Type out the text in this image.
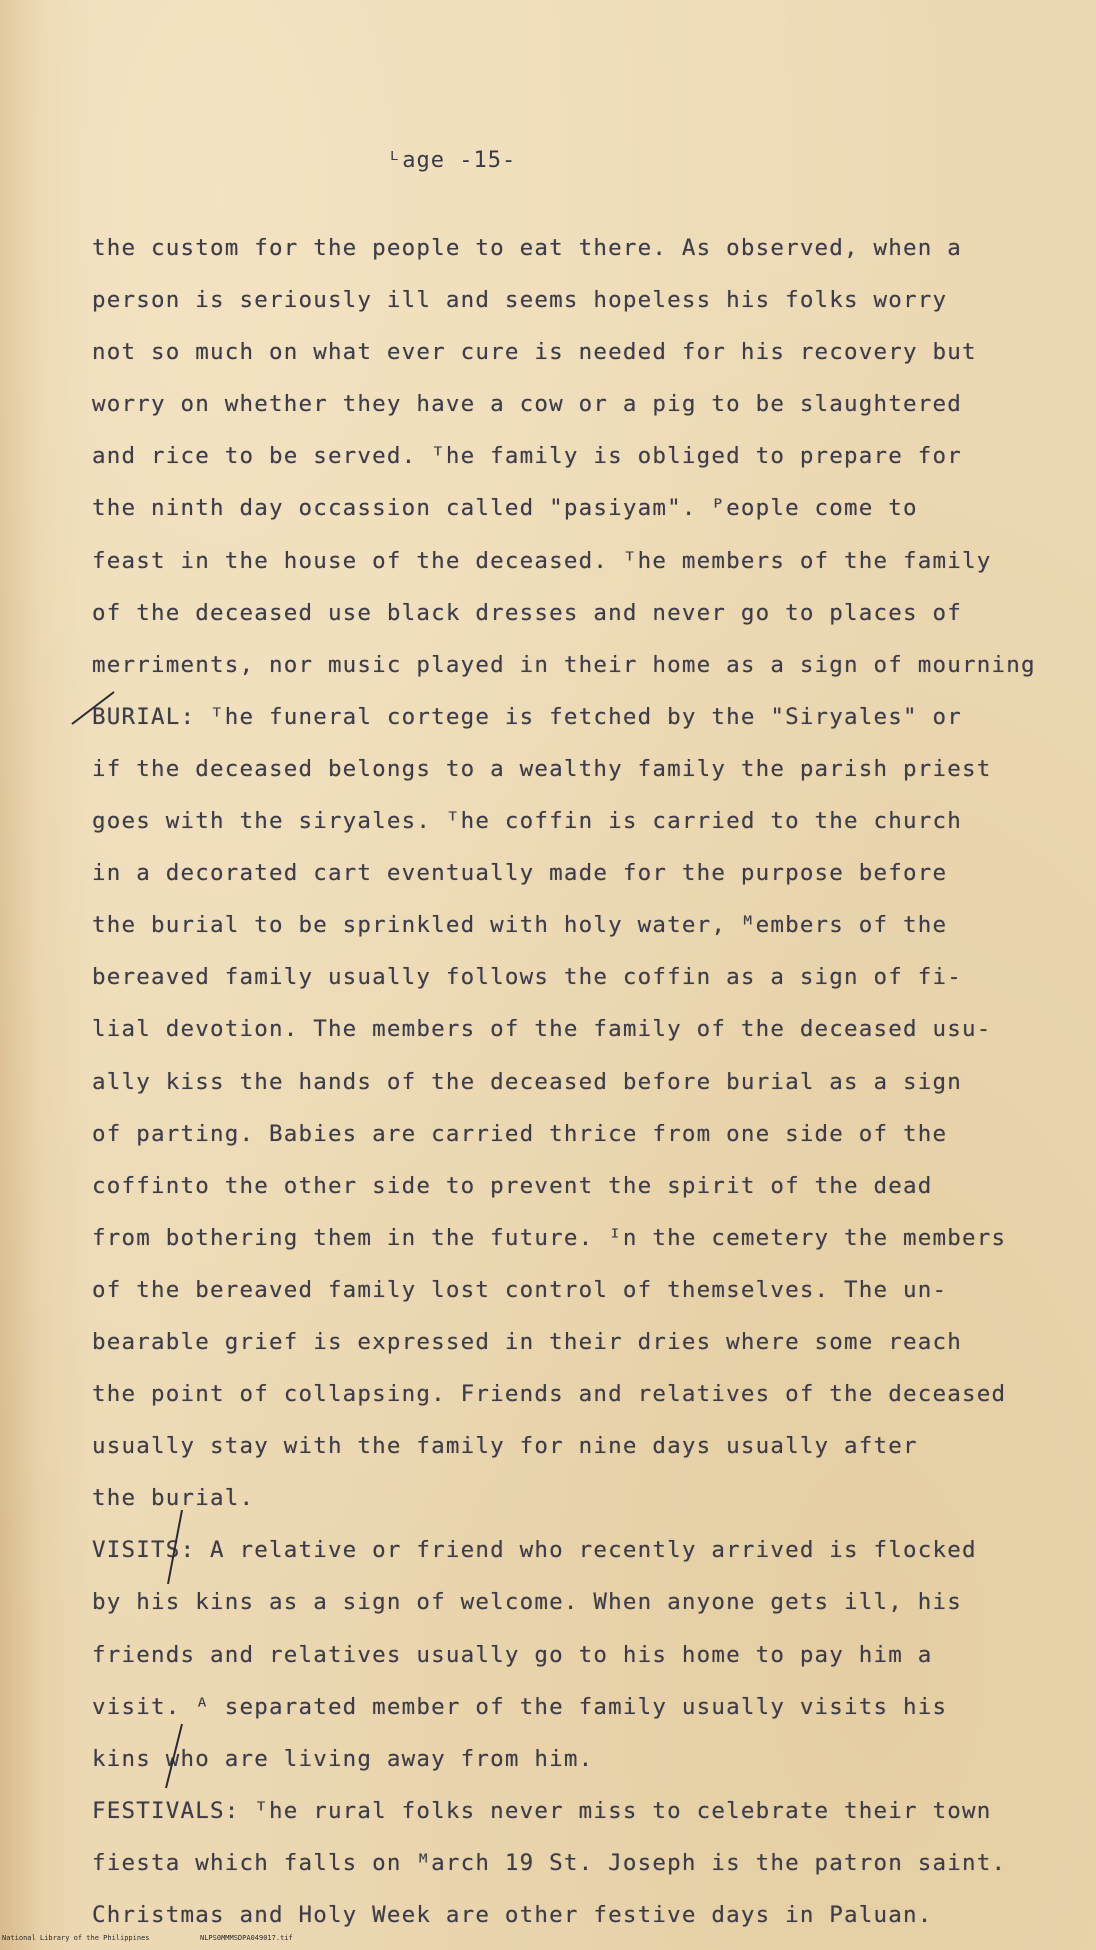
ᴸage -15-
the custom for the people to eat there. As observed, when a
person is seriously ill and seems hopeless his folks worry
not so much on what ever cure is needed for his recovery but
worry on whether they have a cow or a pig to be slaughtered
and rice to be served. ᵀhe family is obliged to prepare for
the ninth day occassion called "pasiyam". ᴾeople come to
feast in the house of the deceased. ᵀhe members of the family
of the deceased use black dresses and never go to places of
merriments, nor music played in their home as a sign of mourning
BURIAL: ᵀhe funeral cortege is fetched by the "Siryales" or
if the deceased belongs to a wealthy family the parish priest
goes with the siryales. ᵀhe coffin is carried to the church
in a decorated cart eventually made for the purpose before
the burial to be sprinkled with holy water, ᴹembers of the
bereaved family usually follows the coffin as a sign of fi-
lial devotion. The members of the family of the deceased usu-
ally kiss the hands of the deceased before burial as a sign
of parting. Babies are carried thrice from one side of the
coffinto the other side to prevent the spirit of the dead
from bothering them in the future. ᴵn the cemetery the members
of the bereaved family lost control of themselves. The un-
bearable grief is expressed in their dries where some reach
the point of collapsing. Friends and relatives of the deceased
usually stay with the family for nine days usually after
the burial.
VISITS: A relative or friend who recently arrived is flocked
by his kins as a sign of welcome. When anyone gets ill, his
friends and relatives usually go to his home to pay him a
visit. ᴬ separated member of the family usually visits his
kins who are living away from him.
FESTIVALS: ᵀhe rural folks never miss to celebrate their town
fiesta which falls on ᴹarch 19 St. Joseph is the patron saint.
Christmas and Holy Week are other festive days in Paluan.
National Library of the Philippines	NLPS0MMMSDPA049017.tif
